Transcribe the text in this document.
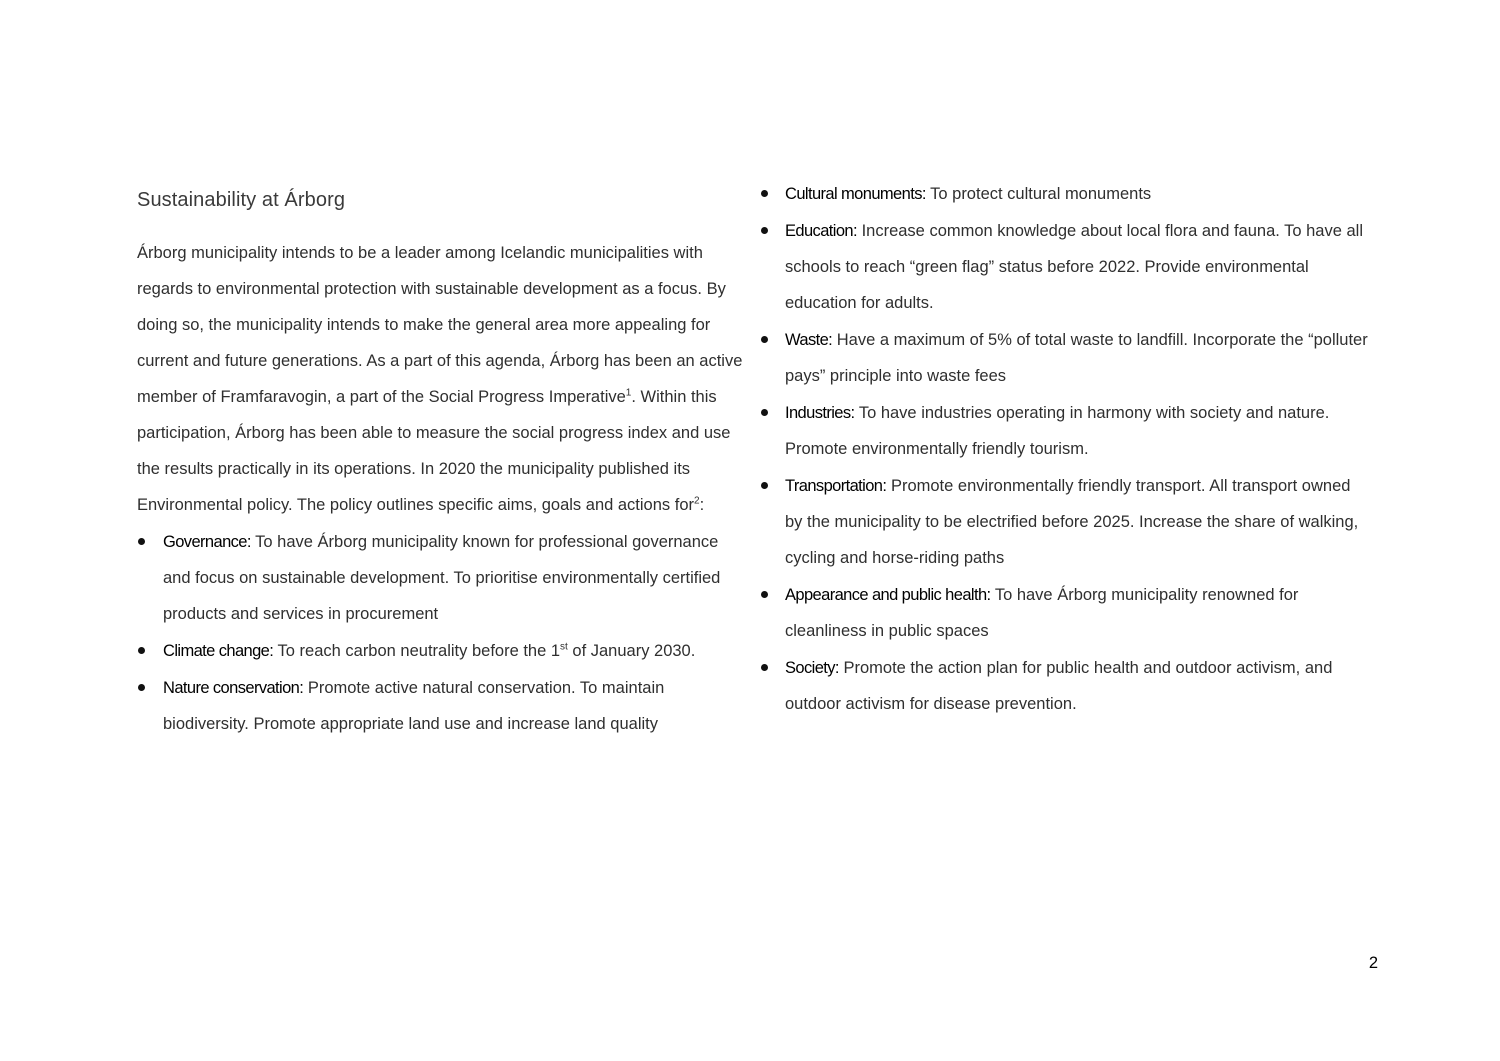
Sustainability at Árborg

Árborg municipality intends to be a leader among Icelandic municipalities with regards to environmental protection with sustainable development as a focus. By doing so, the municipality intends to make the general area more appealing for current and future generations. As a part of this agenda, Árborg has been an active member of Framfaravogin, a part of the Social Progress Imperative$^1$. Within this participation, Árborg has been able to measure the social progress index and use the results practically in its operations. In 2020 the municipality published its Environmental policy. The policy outlines specific aims, goals and actions for$^2$:

Governance: To have Árborg municipality known for professional governance and focus on sustainable development. To prioritise environmentally certified products and services in procurement
Climate change: To reach carbon neutrality before the 1st of January 2030.
Nature conservation: Promote active natural conservation. To maintain biodiversity. Promote appropriate land use and increase land quality
Cultural monuments: To protect cultural monuments
Education: Increase common knowledge about local flora and fauna. To have all schools to reach “green flag” status before 2022. Provide environmental education for adults.
Waste: Have a maximum of 5% of total waste to landfill. Incorporate the “polluter pays” principle into waste fees
Industries: To have industries operating in harmony with society and nature. Promote environmentally friendly tourism.
Transportation: Promote environmentally friendly transport. All transport owned by the municipality to be electrified before 2025. Increase the share of walking, cycling and horse-riding paths
Appearance and public health: To have Árborg municipality renowned for cleanliness in public spaces
Society: Promote the action plan for public health and outdoor activism, and outdoor activism for disease prevention.
2
